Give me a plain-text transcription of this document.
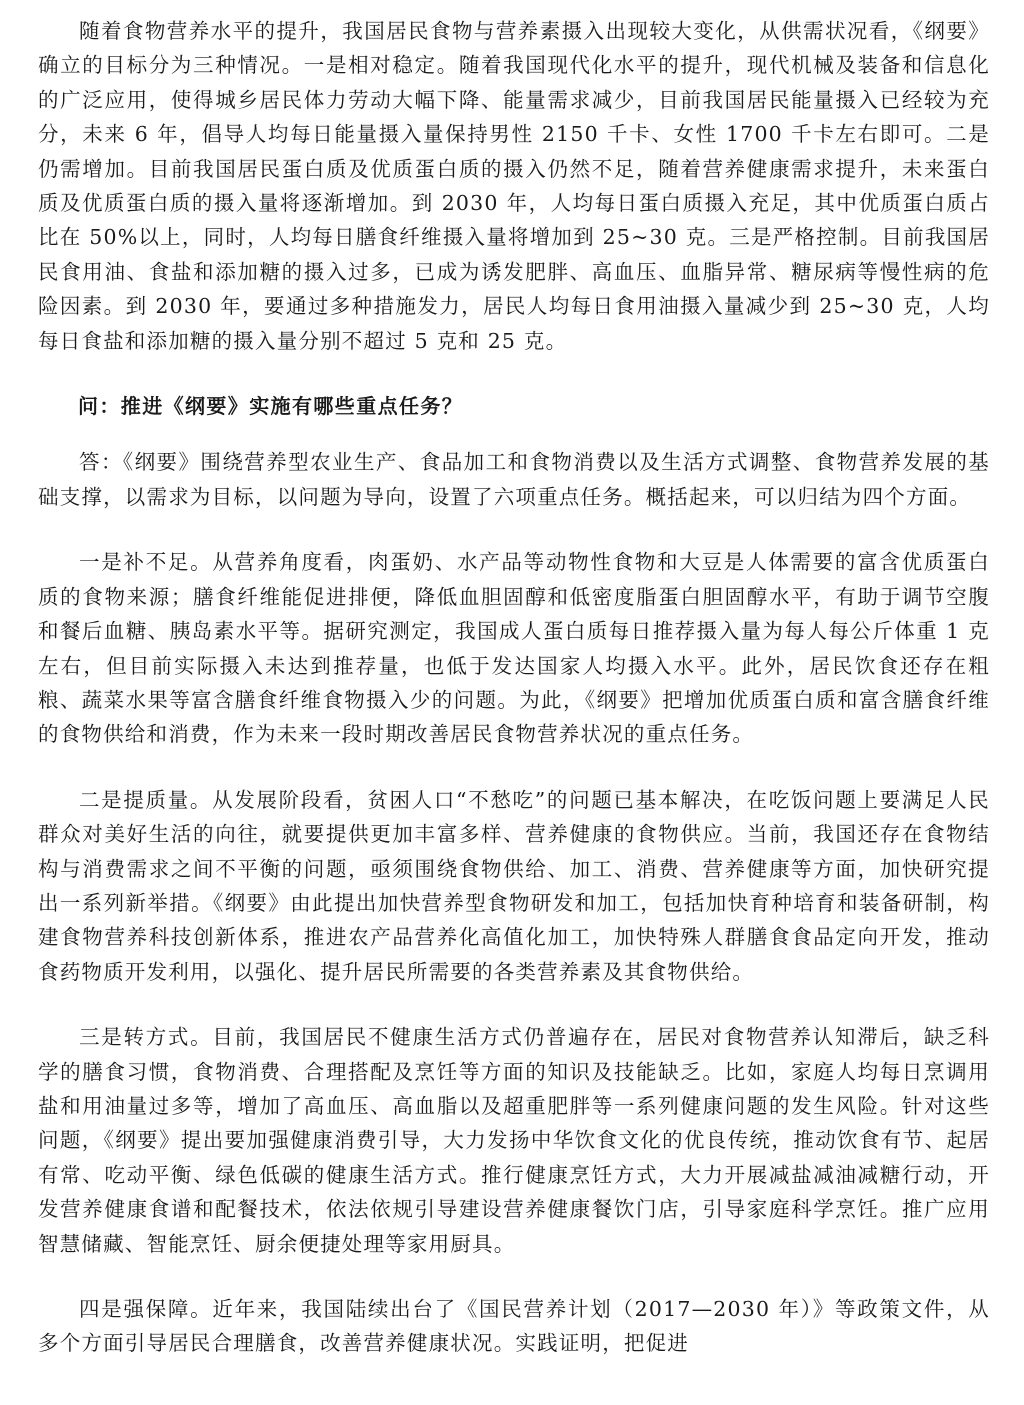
随着食物营养水平的提升，我国居民食物与营养素摄入出现较大变化，从供需状况看，《纲要》确立的目标分为三种情况。一是相对稳定。随着我国现代化水平的提升，现代机械及装备和信息化的广泛应用，使得城乡居民体力劳动大幅下降、能量需求减少，目前我国居民能量摄入已经较为充分，未来 6 年，倡导人均每日能量摄入量保持男性 2150 千卡、女性 1700 千卡左右即可。二是仍需增加。目前我国居民蛋白质及优质蛋白质的摄入仍然不足，随着营养健康需求提升，未来蛋白质及优质蛋白质的摄入量将逐渐增加。到 2030 年，人均每日蛋白质摄入充足，其中优质蛋白质占比在 50%以上，同时，人均每日膳食纤维摄入量将增加到 25~30 克。三是严格控制。目前我国居民食用油、食盐和添加糖的摄入过多，已成为诱发肥胖、高血压、血脂异常、糖尿病等慢性病的危险因素。到 2030 年，要通过多种措施发力，居民人均每日食用油摄入量减少到 25~30 克，人均每日食盐和添加糖的摄入量分别不超过 5 克和 25 克。

问：推进《纲要》实施有哪些重点任务？

答：《纲要》围绕营养型农业生产、食品加工和食物消费以及生活方式调整、食物营养发展的基础支撑，以需求为目标，以问题为导向，设置了六项重点任务。概括起来，可以归结为四个方面。

一是补不足。从营养角度看，肉蛋奶、水产品等动物性食物和大豆是人体需要的富含优质蛋白质的食物来源；膳食纤维能促进排便，降低血胆固醇和低密度脂蛋白胆固醇水平，有助于调节空腹和餐后血糖、胰岛素水平等。据研究测定，我国成人蛋白质每日推荐摄入量为每人每公斤体重 1 克左右，但目前实际摄入未达到推荐量，也低于发达国家人均摄入水平。此外，居民饮食还存在粗粮、蔬菜水果等富含膳食纤维食物摄入少的问题。为此，《纲要》把增加优质蛋白质和富含膳食纤维的食物供给和消费，作为未来一段时期改善居民食物营养状况的重点任务。

二是提质量。从发展阶段看，贫困人口“不愁吃”的问题已基本解决，在吃饭问题上要满足人民群众对美好生活的向往，就要提供更加丰富多样、营养健康的食物供应。当前，我国还存在食物结构与消费需求之间不平衡的问题，亟须围绕食物供给、加工、消费、营养健康等方面，加快研究提出一系列新举措。《纲要》由此提出加快营养型食物研发和加工，包括加快育种培育和装备研制，构建食物营养科技创新体系，推进农产品营养化高值化加工，加快特殊人群膳食食品定向开发，推动食药物质开发利用，以强化、提升居民所需要的各类营养素及其食物供给。

三是转方式。目前，我国居民不健康生活方式仍普遍存在，居民对食物营养认知滞后，缺乏科学的膳食习惯，食物消费、合理搭配及烹饪等方面的知识及技能缺乏。比如，家庭人均每日烹调用盐和用油量过多等，增加了高血压、高血脂以及超重肥胖等一系列健康问题的发生风险。针对这些问题，《纲要》提出要加强健康消费引导，大力发扬中华饮食文化的优良传统，推动饮食有节、起居有常、吃动平衡、绿色低碳的健康生活方式。推行健康烹饪方式，大力开展减盐减油减糖行动，开发营养健康食谱和配餐技术，依法依规引导建设营养健康餐饮门店，引导家庭科学烹饪。推广应用智慧储藏、智能烹饪、厨余便捷处理等家用厨具。

四是强保障。近年来，我国陆续出台了《国民营养计划（2017—2030 年）》等政策文件，从多个方面引导居民合理膳食，改善营养健康状况。实践证明，把促进
